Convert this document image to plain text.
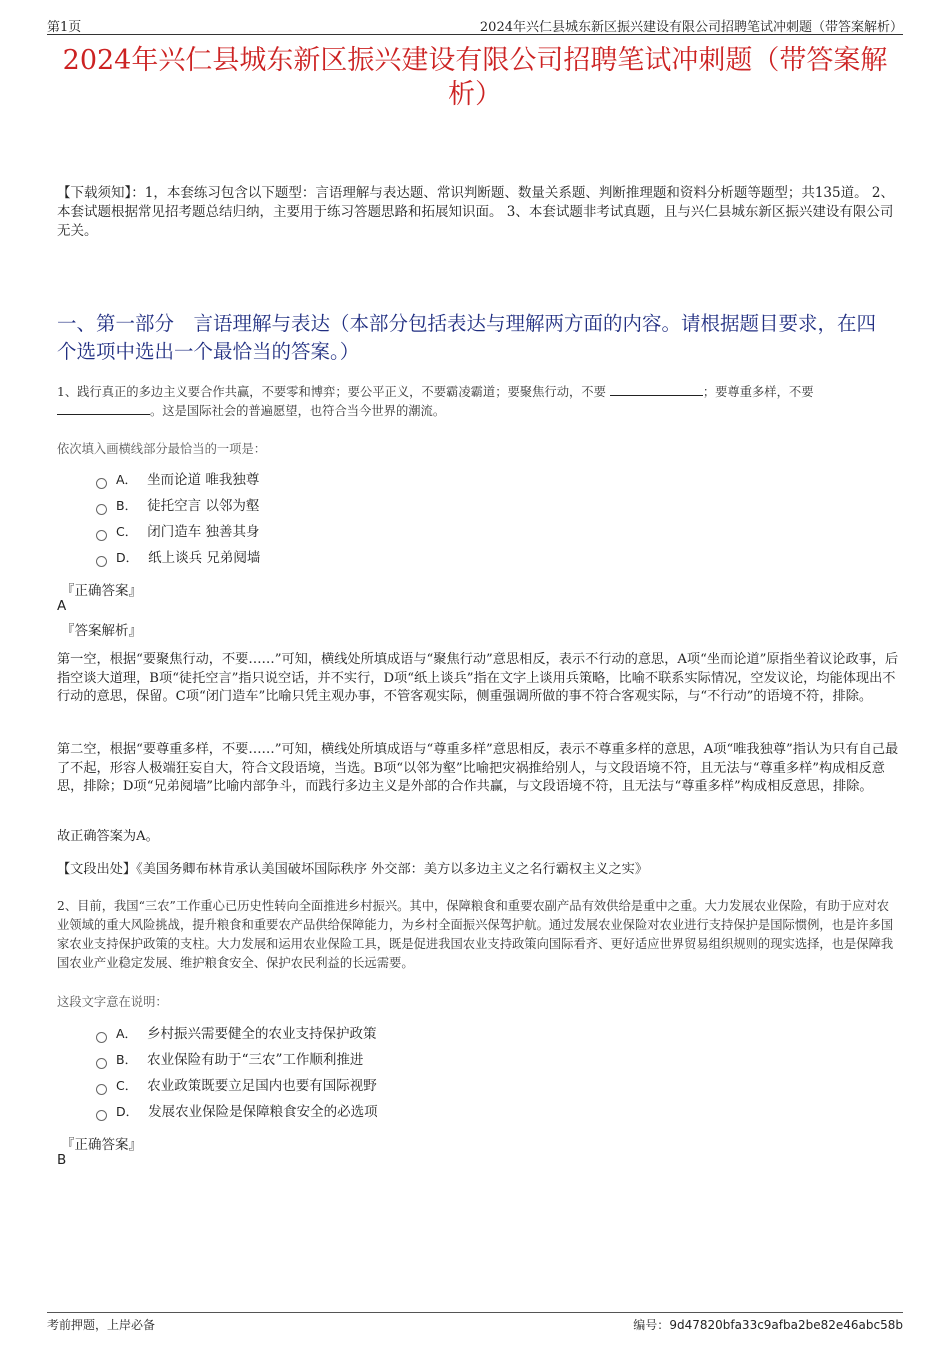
第1页	2024年兴仁县城东新区振兴建设有限公司招聘笔试冲刺题（带答案解析）
2024年兴仁县城东新区振兴建设有限公司招聘笔试冲刺题（带答案解析）
【下载须知】：1，本套练习包含以下题型：言语理解与表达题、常识判断题、数量关系题、判断推理题和资料分析题等题型；共135道。 2、本套试题根据常见招考题总结归纳，主要用于练习答题思路和拓展知识面。 3、本套试题非考试真题，且与兴仁县城东新区振兴建设有限公司无关。
一、第一部分　言语理解与表达（本部分包括表达与理解两方面的内容。请根据题目要求，在四个选项中选出一个最恰当的答案。）
1、践行真正的多边主义要合作共赢，不要零和博弈；要公平正义，不要霸凌霸道；要聚焦行动，不要	；要尊重多样，不要 。这是国际社会的普遍愿望，也符合当今世界的潮流。
依次填入画横线部分最恰当的一项是：
A． 坐而论道 唯我独尊
B． 徒托空言 以邻为壑
C． 闭门造车 独善其身
D． 纸上谈兵 兄弟阋墙
『正确答案』
A
『答案解析』
第一空，根据“要聚焦行动，不要……”可知，横线处所填成语与“聚焦行动”意思相反，表示不行动的意思，A项“坐而论道”原指坐着议论政事，后指空谈大道理，B项“徒托空言”指只说空话，并不实行，D项“纸上谈兵”指在文字上谈用兵策略，比喻不联系实际情况，空发议论，均能体现出不行动的意思，保留。C项“闭门造车”比喻只凭主观办事，不管客观实际，侧重强调所做的事不符合客观实际，与“不行动”的语境不符，排除。
第二空，根据“要尊重多样，不要……”可知，横线处所填成语与“尊重多样”意思相反，表示不尊重多样的意思，A项“唯我独尊”指认为只有自己最了不起，形容人极端狂妄自大，符合文段语境，当选。B项“以邻为壑”比喻把灾祸推给别人，与文段语境不符，且无法与“尊重多样”构成相反意思，排除；D项“兄弟阋墙”比喻内部争斗，而践行多边主义是外部的合作共赢，与文段语境不符，且无法与“尊重多样”构成相反意思，排除。
故正确答案为A。
【文段出处】《美国务卿布林肯承认美国破坏国际秩序 外交部：美方以多边主义之名行霸权主义之实》
2、目前，我国“三农”工作重心已历史性转向全面推进乡村振兴。其中，保障粮食和重要农副产品有效供给是重中之重。大力发展农业保险，有助于应对农业领域的重大风险挑战，提升粮食和重要农产品供给保障能力，为乡村全面振兴保驾护航。通过发展农业保险对农业进行支持保护是国际惯例，也是许多国家农业支持保护政策的支柱。大力发展和运用农业保险工具，既是促进我国农业支持政策向国际看齐、更好适应世界贸易组织规则的现实选择，也是保障我国农业产业稳定发展、维护粮食安全、保护农民利益的长远需要。
这段文字意在说明：
A． 乡村振兴需要健全的农业支持保护政策
B． 农业保险有助于“三农”工作顺利推进
C． 农业政策既要立足国内也要有国际视野
D． 发展农业保险是保障粮食安全的必选项
『正确答案』
B
考前押题，上岸必备	编号：9d47820bfa33c9afba2be82e46abc58b
